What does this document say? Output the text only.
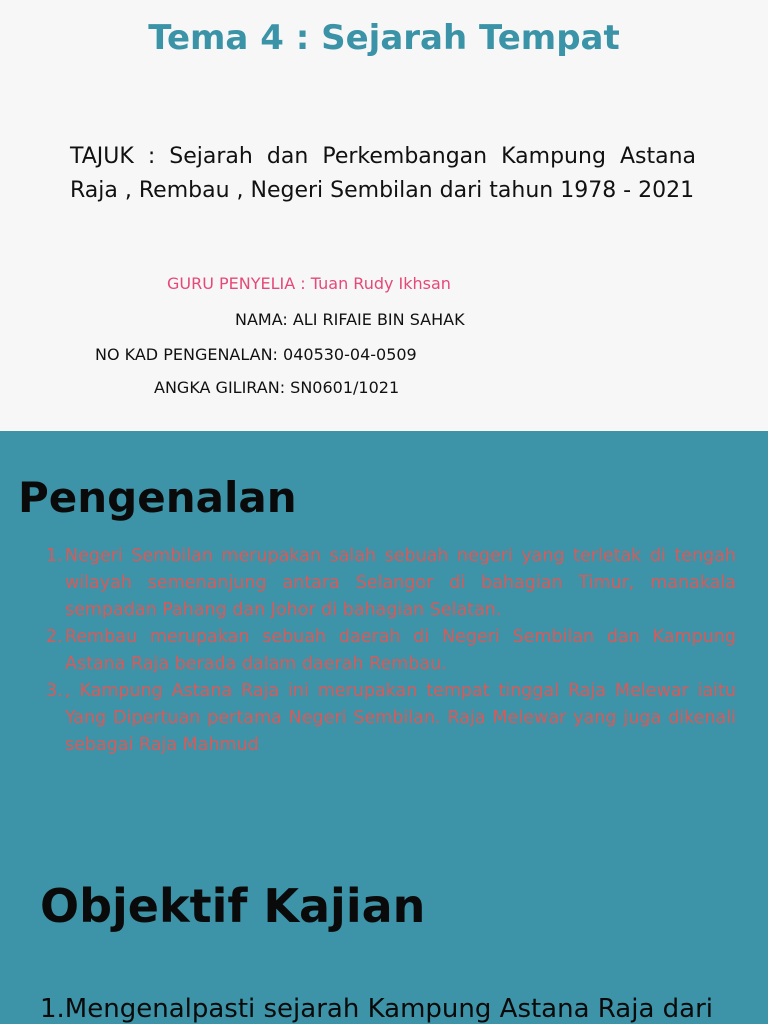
Tema 4 : Sejarah Tempat

TAJUK : Sejarah dan Perkembangan Kampung Astana Raja , Rembau , Negeri Sembilan dari tahun 1978 - 2021

GURU PENYELIA : Tuan Rudy Ikhsan

NAMA: ALI RIFAIE BIN SAHAK

NO KAD PENGENALAN: 040530-04-0509

ANGKA GILIRAN: SN0601/1021

Pengenalan
1. Negeri Sembilan merupakan salah sebuah negeri yang terletak di tengah wilayah semenanjung antara Selangor di bahagian Timur, manakala sempadan Pahang dan Johor di bahagian Selatan.
2. Rembau merupakan sebuah daerah di Negeri Sembilan dan Kampung Astana Raja berada dalam daerah Rembau.
3. , Kampung Astana Raja ini merupakan tempat tinggal Raja Melewar iaitu Yang Dipertuan pertama Negeri Sembilan. Raja Melewar yang juga dikenali sebagai Raja Mahmud
Objektif Kajian

1.Mengenalpasti sejarah Kampung Astana Raja dari
